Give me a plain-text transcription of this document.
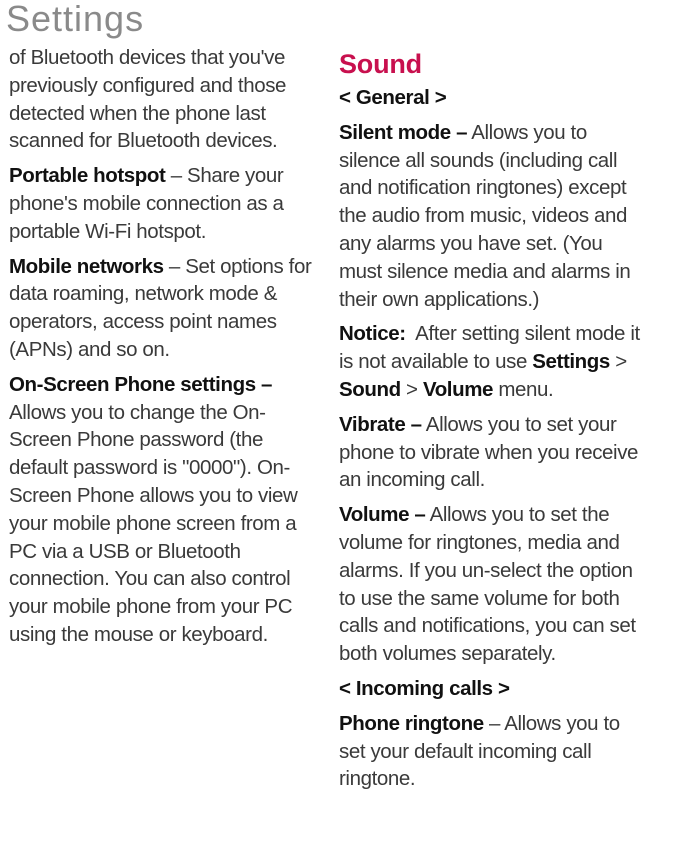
Settings

of Bluetooth devices that you've previously configured and those detected when the phone last scanned for Bluetooth devices.

Portable hotspot – Share your phone's mobile connection as a portable Wi-Fi hotspot.

Mobile networks – Set options for data roaming, network mode & operators, access point names (APNs) and so on.

On-Screen Phone settings – Allows you to change the On-Screen Phone password (the default password is "0000"). On-Screen Phone allows you to view your mobile phone screen from a PC via a USB or Bluetooth connection. You can also control your mobile phone from your PC using the mouse or keyboard.

Sound

< General >

Silent mode – Allows you to silence all sounds (including call and notification ringtones) except the audio from music, videos and any alarms you have set. (You must silence media and alarms in their own applications.)

Notice:  After setting silent mode it is not available to use Settings > Sound > Volume menu.

Vibrate – Allows you to set your phone to vibrate when you receive an incoming call.

Volume – Allows you to set the volume for ringtones, media and alarms. If you un-select the option to use the same volume for both calls and notifications, you can set both volumes separately.

< Incoming calls >

Phone ringtone – Allows you to set your default incoming call ringtone.
